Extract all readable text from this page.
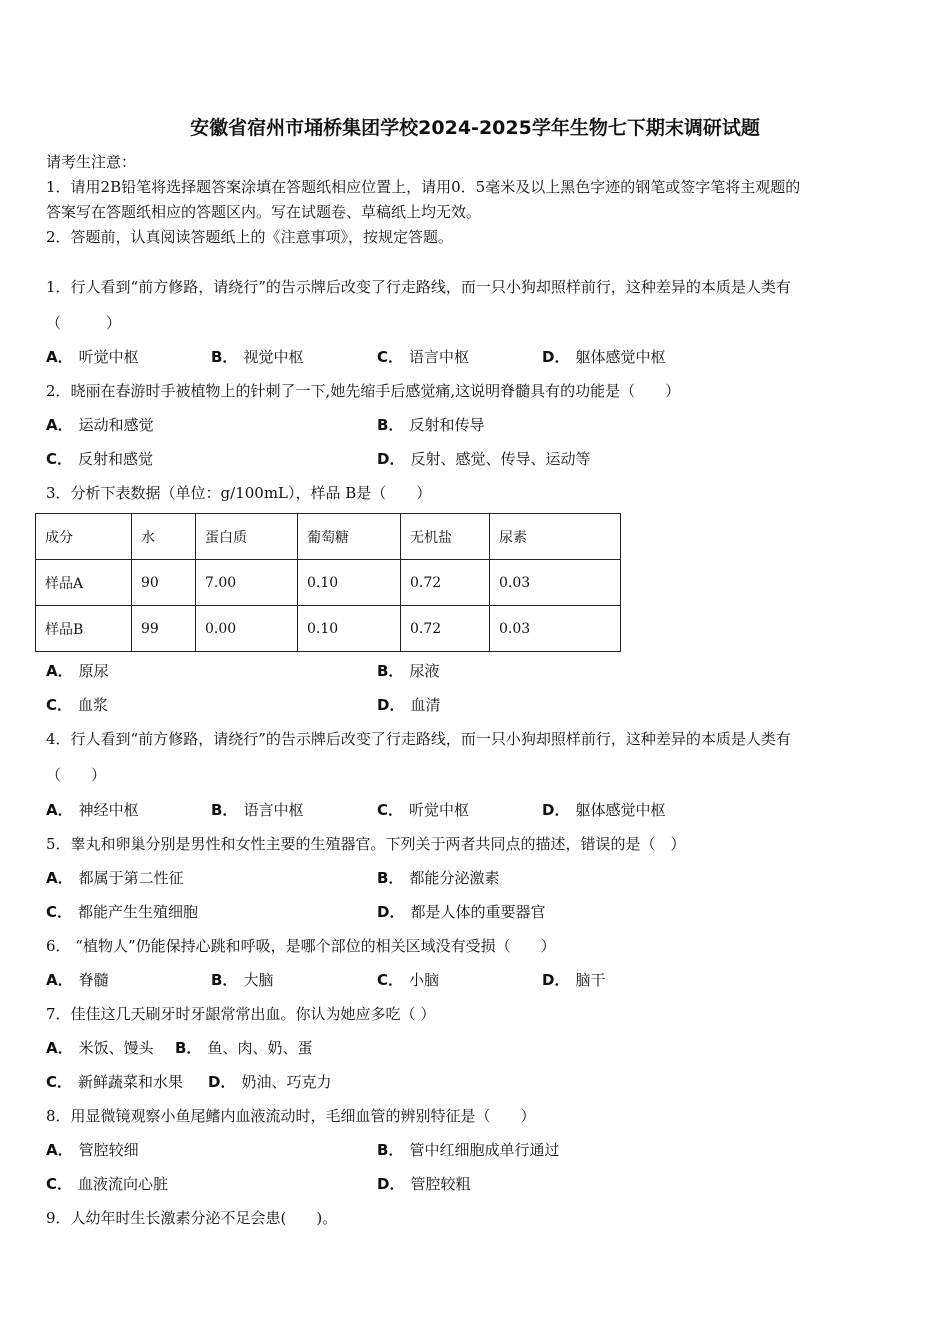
安徽省宿州市埇桥集团学校2024-2025学年生物七下期末调研试题
请考生注意：
1．请用2B铅笔将选择题答案涂填在答题纸相应位置上，请用0．5毫米及以上黑色字迹的钢笔或签字笔将主观题的
答案写在答题纸相应的答题区内。写在试题卷、草稿纸上均无效。
2．答题前，认真阅读答题纸上的《注意事项》，按规定答题。
1．行人看到“前方修路，请绕行”的告示牌后改变了行走路线，而一只小狗却照样前行，这种差异的本质是人类有
（　　　）
A． 听觉中枢	B． 视觉中枢	C． 语言中枢	D． 躯体感觉中枢
2．晓丽在春游时手被植物上的针刺了一下,她先缩手后感觉痛,这说明脊髓具有的功能是（　　）
A． 运动和感觉	B． 反射和传导
C． 反射和感觉	D． 反射、感觉、传导、运动等
3．分析下表数据（单位：g/100mL），样品 B是（　　）
成分	水	蛋白质	葡萄糖	无机盐	尿素
样品A	90	7.00	0.10	0.72	0.03
样品B	99	0.00	0.10	0.72	0.03
A． 原尿	B． 尿液
C． 血浆	D． 血清
4．行人看到“前方修路，请绕行”的告示牌后改变了行走路线，而一只小狗却照样前行，这种差异的本质是人类有
（　　）
A． 神经中枢	B． 语言中枢	C． 听觉中枢	D． 躯体感觉中枢
5．睾丸和卵巢分别是男性和女性主要的生殖器官。下列关于两者共同点的描述，错误的是（　）
A． 都属于第二性征	B． 都能分泌激素
C． 都能产生生殖细胞	D． 都是人体的重要器官
6． “植物人”仍能保持心跳和呼吸，是哪个部位的相关区域没有受损（　　）
A． 脊髓	B． 大脑	C． 小脑	D． 脑干
7．佳佳这几天刷牙时牙龈常常出血。你认为她应多吃（ ）
A． 米饭、馒头 B． 鱼、肉、奶、蛋
C． 新鲜蔬菜和水果 D． 奶油、巧克力
8．用显微镜观察小鱼尾鳍内血液流动时，毛细血管的辨别特征是（　　）
A． 管腔较细	B． 管中红细胞成单行通过
C． 血液流向心脏	D． 管腔较粗
9．人幼年时生长激素分泌不足会患(　　)。
